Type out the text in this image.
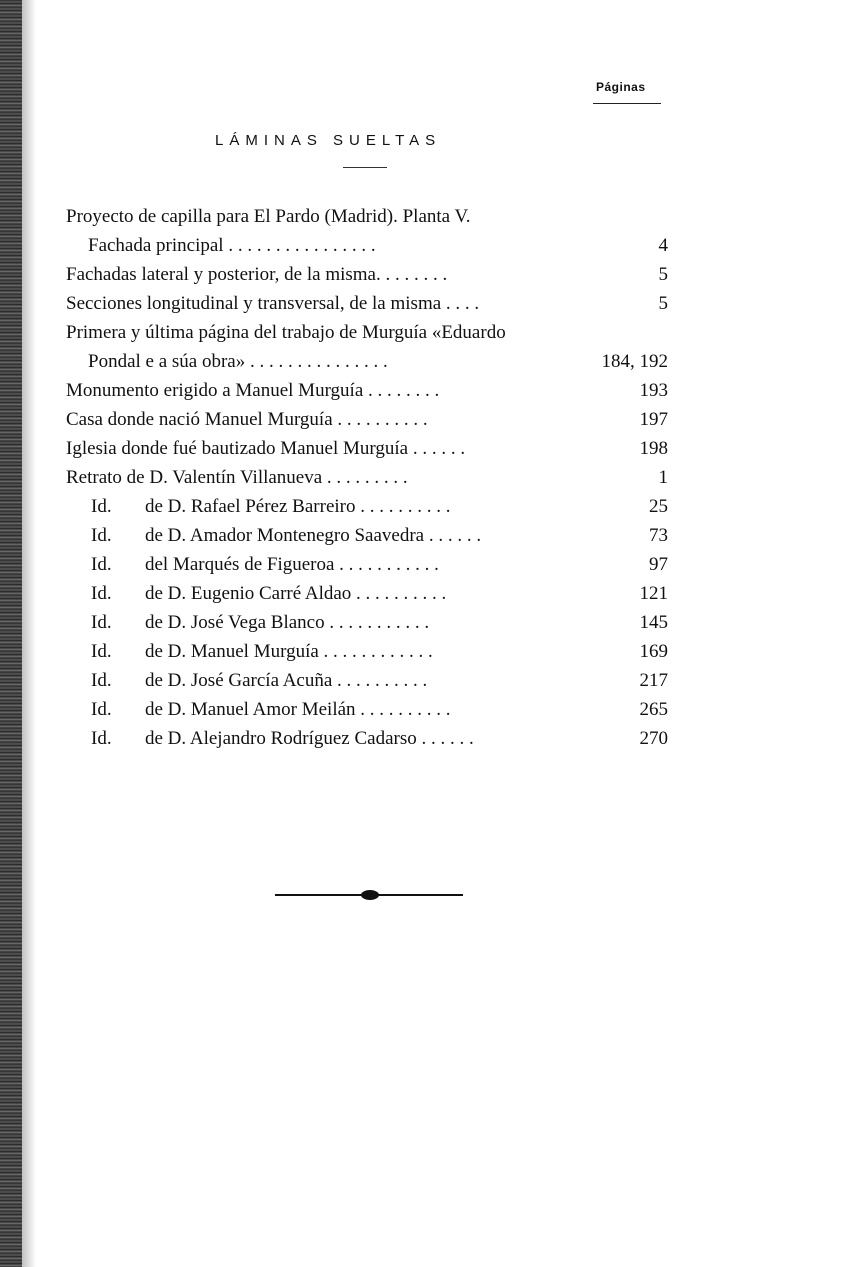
Páginas
LÁMINAS SUELTAS
Proyecto de capilla para El Pardo (Madrid). Planta V.
Fachada principal . . . . . . . . . . . . . . . .	4
Fachadas lateral y posterior, de la misma. . . . . . . .	5
Secciones longitudinal y transversal, de la misma . . . .	5
Primera y última página del trabajo de Murguía «Eduardo
Pondal e a súa obra» . . . . . . . . . . . . . . .	184, 192
Monumento erigido a Manuel Murguía . . . . . . . .	193
Casa donde nació Manuel Murguía . . . . . . . . . .	197
Iglesia donde fué bautizado Manuel Murguía . . . . . .	198
Retrato de D. Valentín Villanueva . . . . . . . . .	1
Id. de D. Rafael Pérez Barreiro . . . . . . . . . .	25
Id. de D. Amador Montenegro Saavedra . . . . . .	73
Id. del Marqués de Figueroa . . . . . . . . . . .	97
Id. de D. Eugenio Carré Aldao . . . . . . . . . .	121
Id. de D. José Vega Blanco . . . . . . . . . . .	145
Id. de D. Manuel Murguía . . . . . . . . . . . .	169
Id. de D. José García Acuña . . . . . . . . . .	217
Id. de D. Manuel Amor Meilán . . . . . . . . . .	265
Id. de D. Alejandro Rodríguez Cadarso . . . . . .	270
